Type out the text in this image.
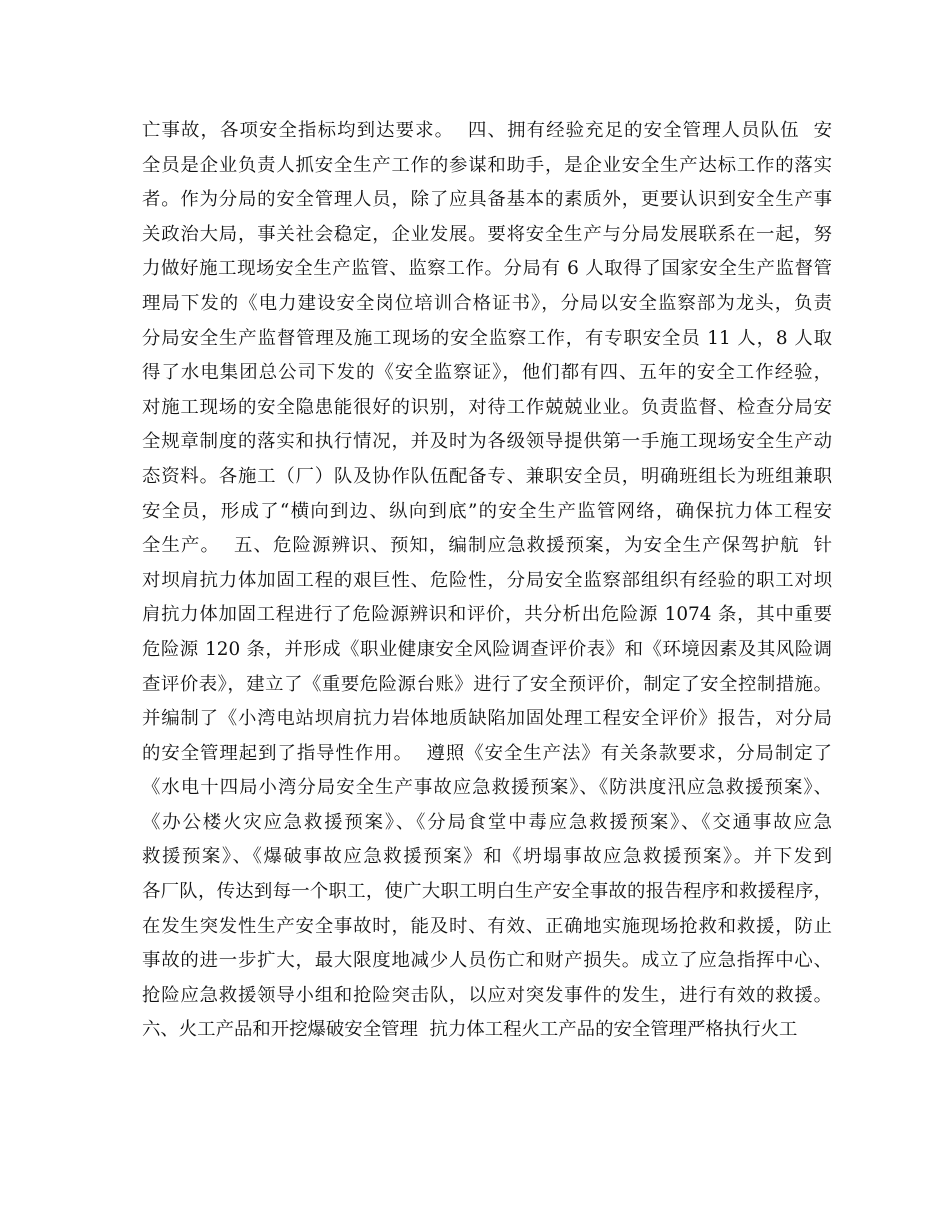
亡事故，各项安全指标均到达要求。  四、拥有经验充足的安全管理人员队伍  安
全员是企业负责人抓安全生产工作的参谋和助手，是企业安全生产达标工作的落实
者。作为分局的安全管理人员，除了应具备基本的素质外，更要认识到安全生产事
关政治大局，事关社会稳定，企业发展。要将安全生产与分局发展联系在一起，努
力做好施工现场安全生产监管、监察工作。分局有 6 人取得了国家安全生产监督管
理局下发的《电力建设安全岗位培训合格证书》，分局以安全监察部为龙头，负责
分局安全生产监督管理及施工现场的安全监察工作，有专职安全员 11 人，8 人取
得了水电集团总公司下发的《安全监察证》，他们都有四、五年的安全工作经验，
对施工现场的安全隐患能很好的识别，对待工作兢兢业业。负责监督、检查分局安
全规章制度的落实和执行情况，并及时为各级领导提供第一手施工现场安全生产动
态资料。各施工（厂）队及协作队伍配备专、兼职安全员，明确班组长为班组兼职
安全员，形成了“横向到边、纵向到底”的安全生产监管网络，确保抗力体工程安
全生产。  五、危险源辨识、预知，编制应急救援预案，为安全生产保驾护航  针
对坝肩抗力体加固工程的艰巨性、危险性，分局安全监察部组织有经验的职工对坝
肩抗力体加固工程进行了危险源辨识和评价，共分析出危险源 1074 条，其中重要
危险源 120 条，并形成《职业健康安全风险调查评价表》和《环境因素及其风险调
查评价表》，建立了《重要危险源台账》进行了安全预评价，制定了安全控制措施。
并编制了《小湾电站坝肩抗力岩体地质缺陷加固处理工程安全评价》报告，对分局
的安全管理起到了指导性作用。  遵照《安全生产法》有关条款要求，分局制定了
《水电十四局小湾分局安全生产事故应急救援预案》、《防洪度汛应急救援预案》、
《办公楼火灾应急救援预案》、《分局食堂中毒应急救援预案》、《交通事故应急
救援预案》、《爆破事故应急救援预案》和《坍塌事故应急救援预案》。并下发到
各厂队，传达到每一个职工，使广大职工明白生产安全事故的报告程序和救援程序，
在发生突发性生产安全事故时，能及时、有效、正确地实施现场抢救和救援，防止
事故的进一步扩大，最大限度地减少人员伤亡和财产损失。成立了应急指挥中心、
抢险应急救援领导小组和抢险突击队，以应对突发事件的发生，进行有效的救援。
六、火工产品和开挖爆破安全管理  抗力体工程火工产品的安全管理严格执行火工
